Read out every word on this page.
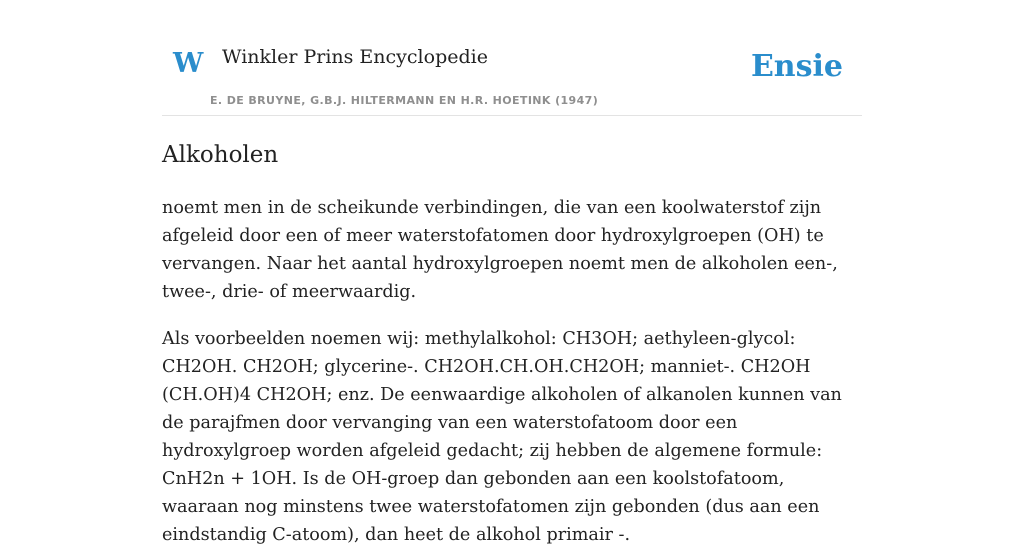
W Winkler Prins Encyclopedie
E. DE BRUYNE, G.B.J. HILTERMANN EN H.R. HOETINK (1947)
Ensie
Alkoholen

noemt men in de scheikunde verbindingen, die van een koolwaterstof zijn afgeleid door een of meer waterstofatomen door hydroxylgroepen (OH) te vervangen. Naar het aantal hydroxylgroepen noemt men de alkoholen een-, twee-, drie- of meerwaardig.

Als voorbeelden noemen wij: methylalkohol: CH3OH; aethyleen-glycol: CH2OH. CH2OH; glycerine-. CH2OH.CH.OH.CH2OH; manniet-. CH2OH (CH.OH)4 CH2OH; enz. De eenwaardige alkoholen of alkanolen kunnen van de parajfmen door vervanging van een waterstofatoom door een hydroxylgroep worden afgeleid gedacht; zij hebben de algemene formule: CnH2n + 1OH. Is de OH-groep dan gebonden aan een koolstofatoom, waaraan nog minstens twee waterstofatomen zijn gebonden (dus aan een eindstandig C-atoom), dan heet de alkohol primair -.
